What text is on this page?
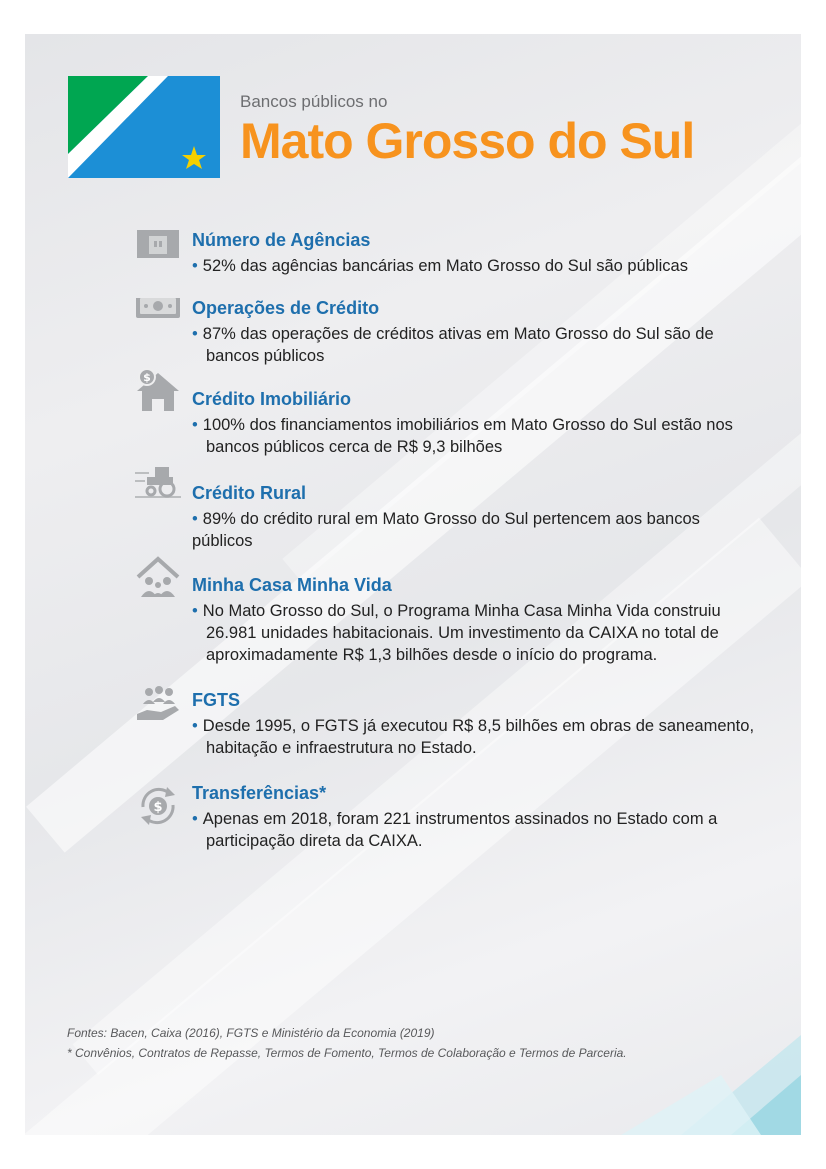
Bancos públicos no
Mato Grosso do Sul
Número de Agências
• 52% das agências bancárias em Mato Grosso do Sul são públicas
Operações de Crédito
• 87% das operações de créditos ativas em Mato Grosso do Sul são de
bancos públicos
$
Crédito Imobiliário
• 100% dos financiamentos imobiliários em Mato Grosso do Sul estão nos
bancos públicos cerca de R$ 9,3 bilhões
Crédito Rural
• 89% do crédito rural em Mato Grosso do Sul pertencem aos bancos
públicos
Minha Casa Minha Vida
• No Mato Grosso do Sul, o Programa Minha Casa Minha Vida construiu
26.981 unidades habitacionais. Um investimento da CAIXA no total de
aproximadamente R$ 1,3 bilhões desde o início do programa.
FGTS
• Desde 1995, o FGTS já executou R$ 8,5 bilhões em obras de saneamento,
habitação e infraestrutura no Estado.
$
Transferências*
• Apenas em 2018, foram 221 instrumentos assinados no Estado com a
participação direta da CAIXA.
Fontes: Bacen, Caixa (2016), FGTS e Ministério da Economia (2019)
* Convênios, Contratos de Repasse, Termos de Fomento, Termos de Colaboração e Termos de Parceria.
